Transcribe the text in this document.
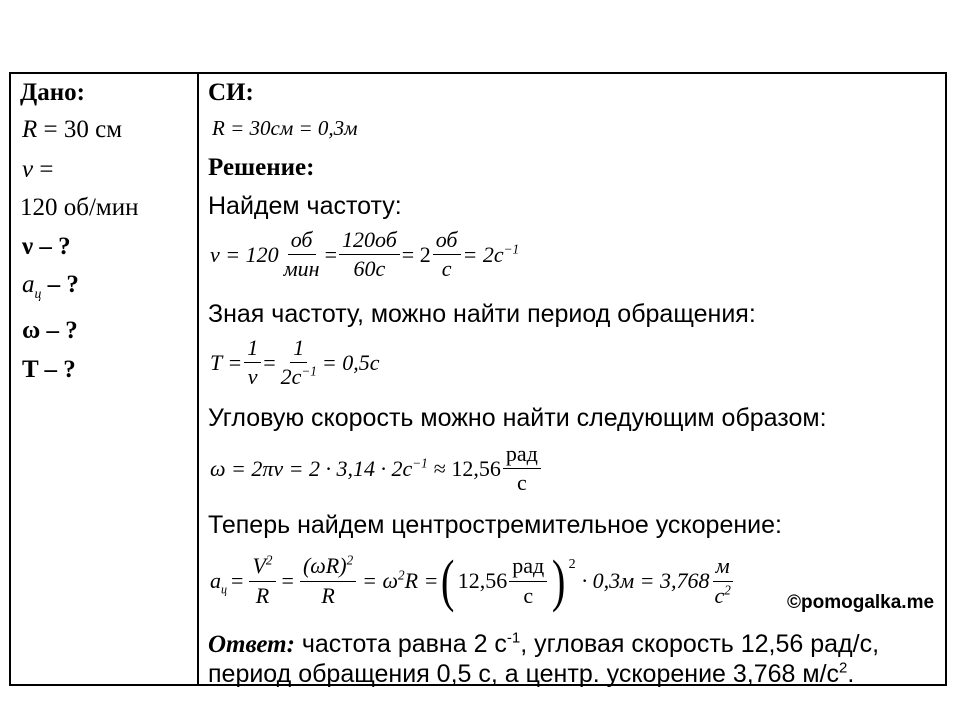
Дано:
R = 30 см
ν =
120 об/мин
ν – ?
$a_ц$ – ?
ω – ?
T – ?
СИ:
R = 30см = 0,3м
Решение:
Найдем частоту:
$\nu = 120 \frac{об}{\text{мин}} = \frac{120об}{60с} = 2 \frac{об}{с} = 2с^{-1}$
Зная частоту, можно найти период обращения:
$T = \frac{1}{\nu} = \frac{1}{2с^{-1}} = 0,5с$
Угловую скорость можно найти следующим образом:
$\omega = 2\pi\nu = 2 \cdot 3,14 \cdot 2с^{-1} \approx 12,56 \frac{\text{рад}}{с}$
Теперь найдем центростремительное ускорение:
$a_ц = \frac{V^2}{R} = \frac{(\omega R)^2}{R} = \omega^2R$ = ( $12,56 \frac{\text{рад}}{с} )^2$
· $0,3м = 3,768 \frac{м}{с^2}$	©pomogalka.me
Ответ: частота равна 2 $с^{-1}$, угловая скорость 12,56 рад/с,
период обращения 0,5 с, а центр. ускорение 3,768 $м/с^2$.
